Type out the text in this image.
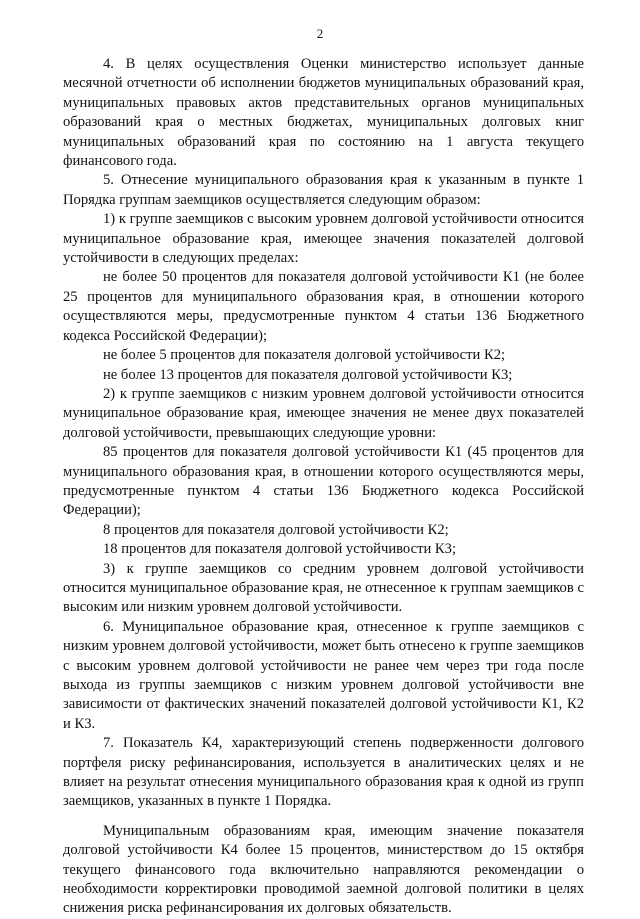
2

4. В целях осуществления Оценки министерство использует данные месячной отчетности об исполнении бюджетов муниципальных образований края, муниципальных правовых актов представительных органов муниципальных образований края о местных бюджетах, муниципальных долговых книг муниципальных образований края по состоянию на 1 августа текущего финансового года.

5. Отнесение муниципального образования края к указанным в пункте 1 Порядка группам заемщиков осуществляется следующим образом:

1) к группе заемщиков с высоким уровнем долговой устойчивости относится муниципальное образование края, имеющее значения показателей долговой устойчивости в следующих пределах:

не более 50 процентов для показателя долговой устойчивости К1 (не более 25 процентов для муниципального образования края, в отношении которого осуществляются меры, предусмотренные пунктом 4 статьи 136 Бюджетного кодекса Российской Федерации);

не более 5 процентов для показателя долговой устойчивости К2;

не более 13 процентов для показателя долговой устойчивости К3;

2) к группе заемщиков с низким уровнем долговой устойчивости относится муниципальное образование края, имеющее значения не менее двух показателей долговой устойчивости, превышающих следующие уровни:

85 процентов для показателя долговой устойчивости К1 (45 процентов для муниципального образования края, в отношении которого осуществляются меры, предусмотренные пунктом 4 статьи 136 Бюджетного кодекса Российской Федерации);

8 процентов для показателя долговой устойчивости К2;

18 процентов для показателя долговой устойчивости К3;

3) к группе заемщиков со средним уровнем долговой устойчивости относится муниципальное образование края, не отнесенное к группам заемщиков с высоким или низким уровнем долговой устойчивости.

6. Муниципальное образование края, отнесенное к группе заемщиков с низким уровнем долговой устойчивости, может быть отнесено к группе заемщиков с высоким уровнем долговой устойчивости не ранее чем через три года после выхода из группы заемщиков с низким уровнем долговой устойчивости вне зависимости от фактических значений показателей долговой устойчивости К1, К2 и К3.

7. Показатель К4, характеризующий степень подверженности долгового портфеля риску рефинансирования, используется в аналитических целях и не влияет на результат отнесения муниципального образования края к одной из групп заемщиков, указанных в пункте 1 Порядка.

Муниципальным образованиям края, имеющим значение показателя долговой устойчивости К4 более 15 процентов, министерством до 15 октября текущего финансового года включительно направляются рекомендации о необходимости корректировки проводимой заемной долговой политики в целях снижения риска рефинансирования их долговых обязательств.
